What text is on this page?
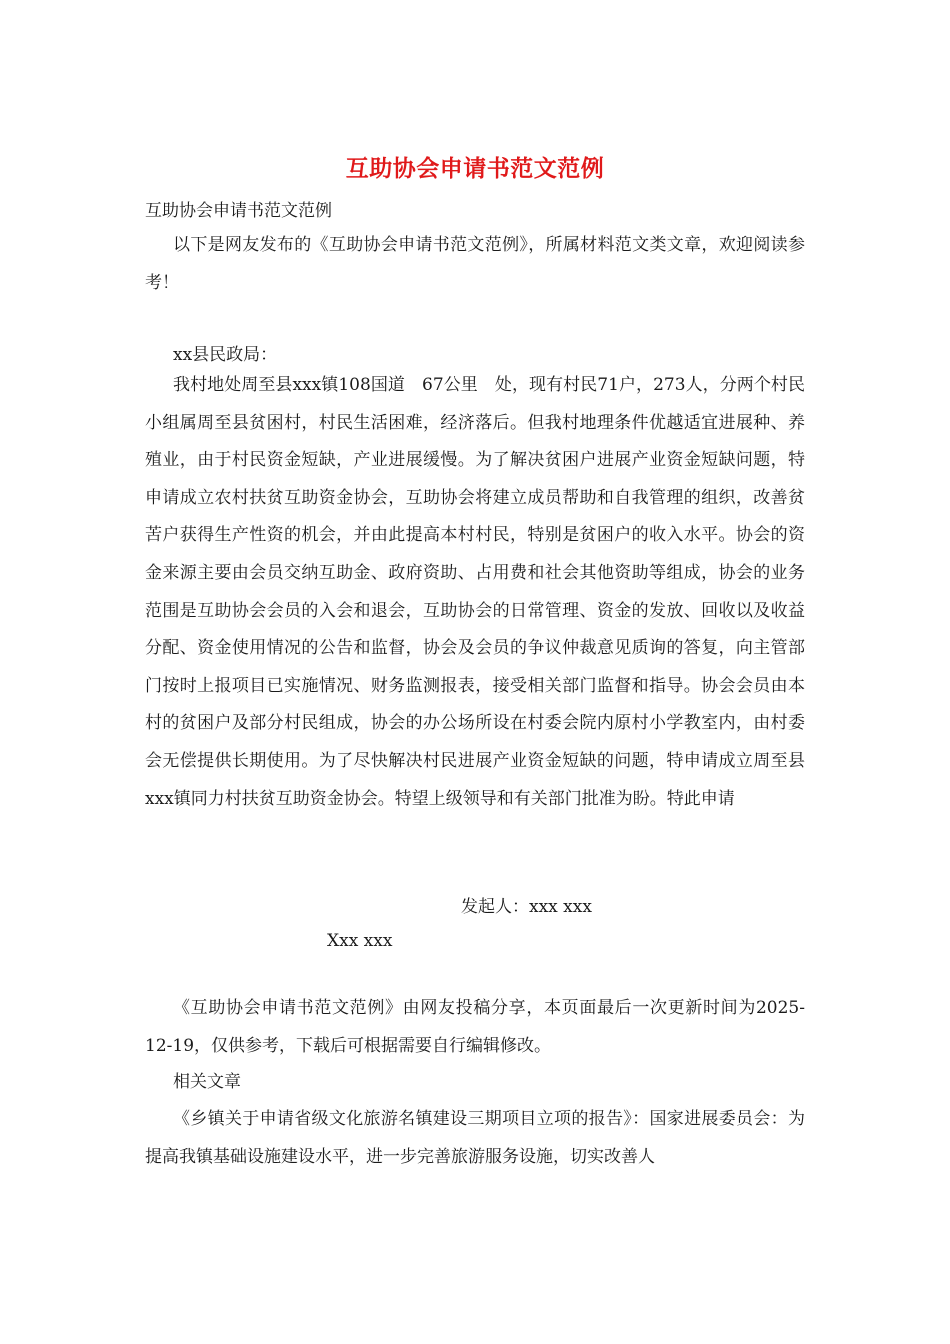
互助协会申请书范文范例

互助协会申请书范文范例

以下是网友发布的《互助协会申请书范文范例》，所属材料范文类文章，欢迎阅读参考！

xx县民政局：

我村地处周至县xxx镇108国道　67公里　处，现有村民71户，273人，分两个村民小组属周至县贫困村，村民生活困难，经济落后。但我村地理条件优越适宜进展种、养殖业，由于村民资金短缺，产业进展缓慢。为了解决贫困户进展产业资金短缺问题，特申请成立农村扶贫互助资金协会，互助协会将建立成员帮助和自我管理的组织，改善贫苦户获得生产性资的机会，并由此提高本村村民，特别是贫困户的收入水平。协会的资金来源主要由会员交纳互助金、政府资助、占用费和社会其他资助等组成，协会的业务范围是互助协会会员的入会和退会，互助协会的日常管理、资金的发放、回收以及收益分配、资金使用情况的公告和监督，协会及会员的争议仲裁意见质询的答复，向主管部门按时上报项目已实施情况、财务监测报表，接受相关部门监督和指导。协会会员由本村的贫困户及部分村民组成，协会的办公场所设在村委会院内原村小学教室内，由村委会无偿提供长期使用。为了尽快解决村民进展产业资金短缺的问题，特申请成立周至县xxx镇同力村扶贫互助资金协会。特望上级领导和有关部门批准为盼。特此申请

发起人：xxx xxx

Xxx xxx

《互助协会申请书范文范例》由网友投稿分享，本页面最后一次更新时间为2025-12-19，仅供参考，下载后可根据需要自行编辑修改。

相关文章

《乡镇关于申请省级文化旅游名镇建设三期项目立项的报告》：国家进展委员会：为提高我镇基础设施建设水平，进一步完善旅游服务设施，切实改善人
